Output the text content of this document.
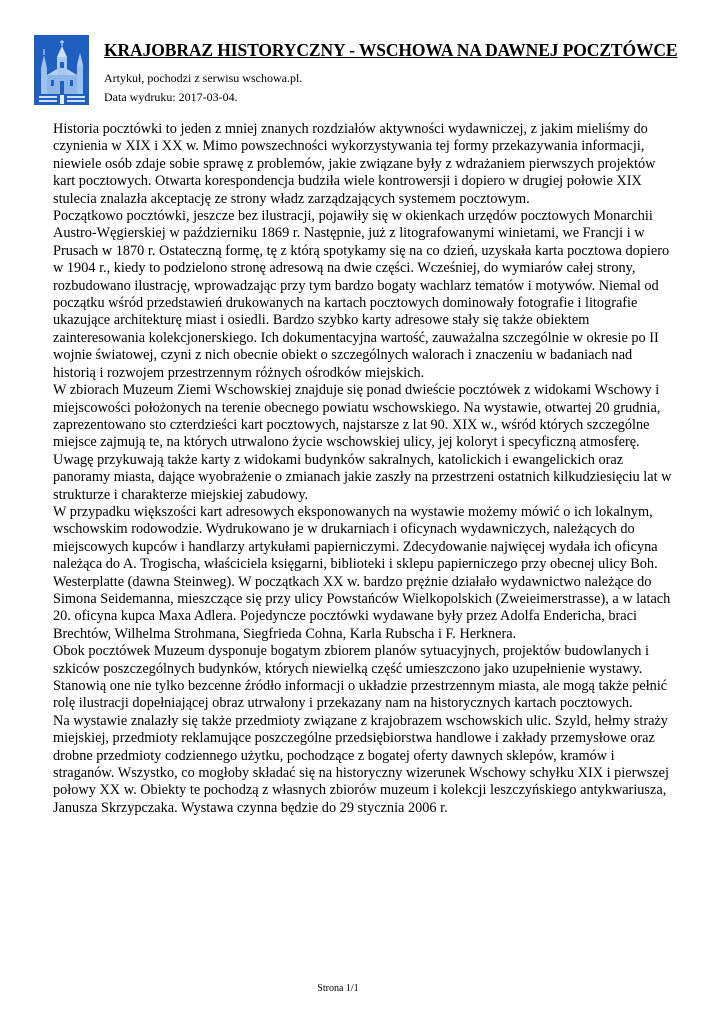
KRAJOBRAZ HISTORYCZNY - WSCHOWA NA DAWNEJ POCZTÓWCE
Artykuł, pochodzi z serwisu wschowa.pl.
Data wydruku: 2017-03-04.

Historia pocztówki to jeden z mniej znanych rozdziałów aktywności wydawniczej, z jakim mieliśmy do czynienia w XIX i XX w. Mimo powszechności wykorzystywania tej formy przekazywania informacji, niewiele osób zdaje sobie sprawę z problemów, jakie związane były z wdrażaniem pierwszych projektów kart pocztowych. Otwarta korespondencja budziła wiele kontrowersji i dopiero w drugiej połowie XIX stulecia znalazła akceptację ze strony władz zarządzających systemem pocztowym.

Początkowo pocztówki, jeszcze bez ilustracji, pojawiły się w okienkach urzędów pocztowych Monarchii Austro-Węgierskiej w październiku 1869 r. Następnie, już z litografowanymi winietami, we Francji i w Prusach w 1870 r. Ostateczną formę, tę z którą spotykamy się na co dzień, uzyskała karta pocztowa dopiero w 1904 r., kiedy to podzielono stronę adresową na dwie części. Wcześniej, do wymiarów całej strony, rozbudowano ilustrację, wprowadzając przy tym bardzo bogaty wachlarz tematów i motywów. Niemal od początku wśród przedstawień drukowanych na kartach pocztowych dominowały fotografie i litografie ukazujące architekturę miast i osiedli. Bardzo szybko karty adresowe stały się także obiektem zainteresowania kolekcjonerskiego. Ich dokumentacyjna wartość, zauważalna szczególnie w okresie po II wojnie światowej, czyni z nich obecnie obiekt o szczególnych walorach i znaczeniu w badaniach nad historią i rozwojem przestrzennym różnych ośrodków miejskich.

W zbiorach Muzeum Ziemi Wschowskiej znajduje się ponad dwieście pocztówek z widokami Wschowy i miejscowości położonych na terenie obecnego powiatu wschowskiego. Na wystawie, otwartej 20 grudnia, zaprezentowano sto czterdzieści kart pocztowych, najstarsze z lat 90. XIX w., wśród których szczególne miejsce zajmują te, na których utrwalono życie wschowskiej ulicy, jej koloryt i specyficzną atmosferę. Uwagę przykuwają także karty z widokami budynków sakralnych, katolickich i ewangelickich oraz panoramy miasta, dające wyobrażenie o zmianach jakie zaszły na przestrzeni ostatnich kilkudziesięciu lat w strukturze i charakterze miejskiej zabudowy.

W przypadku większości kart adresowych eksponowanych na wystawie możemy mówić o ich lokalnym, wschowskim rodowodzie. Wydrukowano je w drukarniach i oficynach wydawniczych, należących do miejscowych kupców i handlarzy artykułami papierniczymi. Zdecydowanie najwięcej wydała ich oficyna należąca do A. Trogischa, właściciela księgarni, biblioteki i sklepu papierniczego przy obecnej ulicy Boh. Westerplatte (dawna Steinweg). W początkach XX w. bardzo prężnie działało wydawnictwo należące do Simona Seidemanna, mieszczące się przy ulicy Powstańców Wielkopolskich (Zweieimerstrasse), a w latach 20. oficyna kupca Maxa Adlera. Pojedyncze pocztówki wydawane były przez Adolfa Endericha, braci Brechtów, Wilhelma Strohmana, Siegfrieda Cohna, Karla Rubscha i F. Herknera.

Obok pocztówek Muzeum dysponuje bogatym zbiorem planów sytuacyjnych, projektów budowlanych i szkiców poszczególnych budynków, których niewielką część umieszczono jako uzupełnienie wystawy. Stanowią one nie tylko bezcenne źródło informacji o układzie przestrzennym miasta, ale mogą także pełnić rolę ilustracji dopełniającej obraz utrwalony i przekazany nam na historycznych kartach pocztowych.

Na wystawie znalazły się także przedmioty związane z krajobrazem wschowskich ulic. Szyld, hełmy straży miejskiej, przedmioty reklamujące poszczególne przedsiębiorstwa handlowe i zakłady przemysłowe oraz drobne przedmioty codziennego użytku, pochodzące z bogatej oferty dawnych sklepów, kramów i straganów. Wszystko, co mogłoby składać się na historyczny wizerunek Wschowy schyłku XIX i pierwszej połowy XX w. Obiekty te pochodzą z własnych zbiorów muzeum i kolekcji leszczyńskiego antykwariusza, Janusza Skrzypczaka. Wystawa czynna będzie do 29 stycznia 2006 r.

Strona 1/1
